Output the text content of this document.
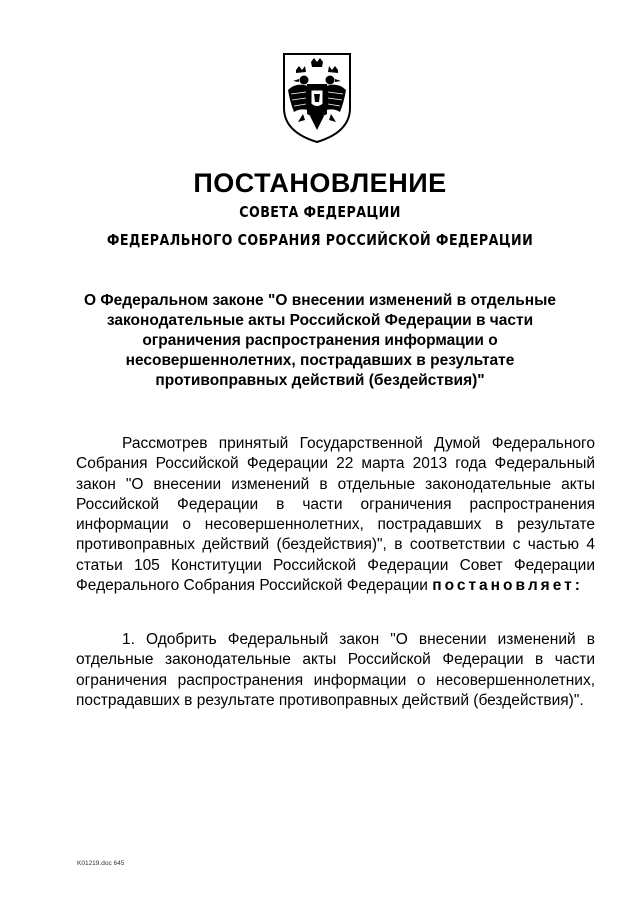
ПОСТАНОВЛЕНИЕ
СОВЕТА ФЕДЕРАЦИИ
ФЕДЕРАЛЬНОГО СОБРАНИЯ РОССИЙСКОЙ ФЕДЕРАЦИИ

О Федеральном законе "О внесении изменений в отдельные законодательные акты Российской Федерации в части ограничения распространения информации о несовершеннолетних, пострадавших в результате противоправных действий (бездействия)"

Рассмотрев принятый Государственной Думой Федерального Собрания Российской Федерации 22 марта 2013 года Федеральный закон "О внесении изменений в отдельные законодательные акты Российской Федерации в части ограничения распространения информации о несовершеннолетних, пострадавших в результате противоправных действий (бездействия)", в соответствии с частью 4 статьи 105 Конституции Российской Федерации Совет Федерации Федерального Собрания Российской Федерации постановляет:

1. Одобрить Федеральный закон "О внесении изменений в отдельные законодательные акты Российской Федерации в части ограничения распространения информации о несовершеннолетних, пострадавших в результате противоправных действий (бездействия)".

K01219.doc 645
